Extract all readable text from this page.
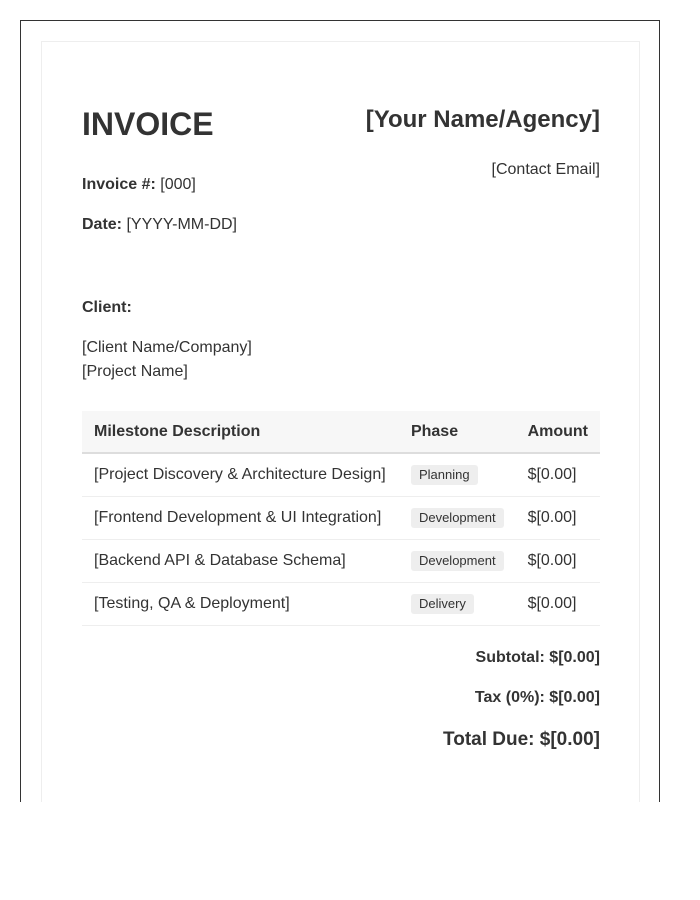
INVOICE	[Your Name/Agency]
[Contact Email]
Invoice #: [000]
Date: [YYYY-MM-DD]
Client:
[Client Name/Company]
[Project Name]
Milestone Description	Phase	Amount
[Project Discovery & Architecture Design]	Planning	$[0.00]
[Frontend Development & UI Integration]	Development	$[0.00]
[Backend API & Database Schema]	Development	$[0.00]
[Testing, QA & Deployment]	Delivery	$[0.00]
Subtotal: $[0.00]
Tax (0%): $[0.00]
Total Due: $[0.00]
